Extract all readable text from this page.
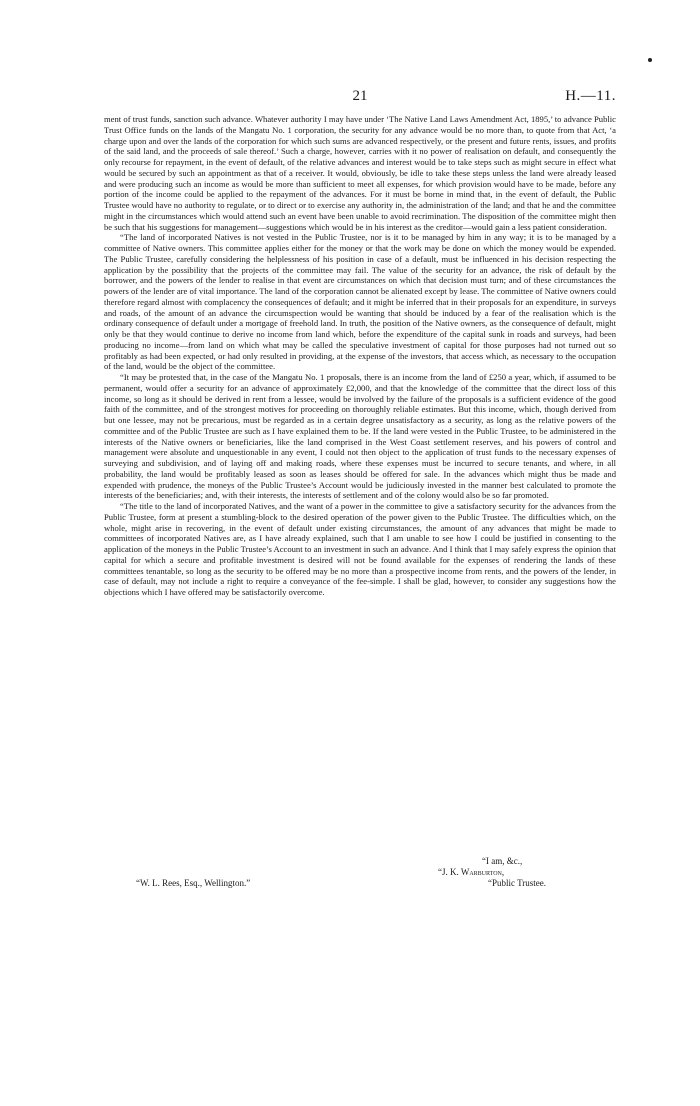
21	H.—11.

ment of trust funds, sanction such advance. Whatever authority I may have under ‘The Native Land Laws Amendment Act, 1895,’ to advance Public Trust Office funds on the lands of the Mangatu No. 1 corporation, the security for any advance would be no more than, to quote from that Act, ‘a charge upon and over the lands of the corporation for which such sums are advanced respectively, or the present and future rents, issues, and profits of the said land, and the proceeds of sale thereof.’ Such a charge, however, carries with it no power of realisation on default, and consequently the only recourse for repayment, in the event of default, of the relative advances and interest would be to take steps such as might secure in effect what would be secured by such an appointment as that of a receiver. It would, obviously, be idle to take these steps unless the land were already leased and were producing such an income as would be more than sufficient to meet all expenses, for which provision would have to be made, before any portion of the income could be applied to the repayment of the advances. For it must be borne in mind that, in the event of default, the Public Trustee would have no authority to regulate, or to direct or to exercise any authority in, the administration of the land; and that he and the committee might in the circumstances which would attend such an event have been unable to avoid recrimination. The disposition of the committee might then be such that his suggestions for management—suggestions which would be in his interest as the creditor—would gain a less patient consideration.

“The land of incorporated Natives is not vested in the Public Trustee, nor is it to be managed by him in any way; it is to be managed by a committee of Native owners. This committee applies either for the money or that the work may be done on which the money would be expended. The Public Trustee, carefully considering the helplessness of his position in case of a default, must be influenced in his decision respecting the application by the possibility that the projects of the committee may fail. The value of the security for an advance, the risk of default by the borrower, and the powers of the lender to realise in that event are circumstances on which that decision must turn; and of these circumstances the powers of the lender are of vital importance. The land of the corporation cannot be alienated except by lease. The committee of Native owners could therefore regard almost with complacency the consequences of default; and it might be inferred that in their proposals for an expenditure, in surveys and roads, of the amount of an advance the circumspection would be wanting that should be induced by a fear of the realisation which is the ordinary consequence of default under a mortgage of freehold land. In truth, the position of the Native owners, as the consequence of default, might only be that they would continue to derive no income from land which, before the expenditure of the capital sunk in roads and surveys, had been producing no income—from land on which what may be called the speculative investment of capital for those purposes had not turned out so profitably as had been expected, or had only resulted in providing, at the expense of the investors, that access which, as necessary to the occupation of the land, would be the object of the committee.

“It may be protested that, in the case of the Mangatu No. 1 proposals, there is an income from the land of £250 a year, which, if assumed to be permanent, would offer a security for an advance of approximately £2,000, and that the knowledge of the committee that the direct loss of this income, so long as it should be derived in rent from a lessee, would be involved by the failure of the proposals is a sufficient evidence of the good faith of the committee, and of the strongest motives for proceeding on thoroughly reliable estimates. But this income, which, though derived from but one lessee, may not be precarious, must be regarded as in a certain degree unsatisfactory as a security, as long as the relative powers of the committee and of the Public Trustee are such as I have explained them to be. If the land were vested in the Public Trustee, to be administered in the interests of the Native owners or beneficiaries, like the land comprised in the West Coast settlement reserves, and his powers of control and management were absolute and unquestionable in any event, I could not then object to the application of trust funds to the necessary expenses of surveying and subdivision, and of laying off and making roads, where these expenses must be incurred to secure tenants, and where, in all probability, the land would be profitably leased as soon as leases should be offered for sale. In the advances which might thus be made and expended with prudence, the moneys of the Public Trustee’s Account would be judiciously invested in the manner best calculated to promote the interests of the beneficiaries; and, with their interests, the interests of settlement and of the colony would also be so far promoted.

“The title to the land of incorporated Natives, and the want of a power in the committee to give a satisfactory security for the advances from the Public Trustee, form at present a stumbling-block to the desired operation of the power given to the Public Trustee. The difficulties which, on the whole, might arise in recovering, in the event of default under existing circumstances, the amount of any advances that might be made to committees of incorporated Natives are, as I have already explained, such that I am unable to see how I could be justified in consenting to the application of the moneys in the Public Trustee’s Account to an investment in such an advance. And I think that I may safely express the opinion that capital for which a secure and profitable investment is desired will not be found available for the expenses of rendering the lands of these committees tenantable, so long as the security to be offered may be no more than a prospective income from rents, and the powers of the lender, in case of default, may not include a right to require a conveyance of the fee-simple. I shall be glad, however, to consider any suggestions how the objections which I have offered may be satisfactorily overcome.

“I am, &c.,
“J. K. Warburton,
“W. L. Rees, Esq., Wellington.”	“Public Trustee.
